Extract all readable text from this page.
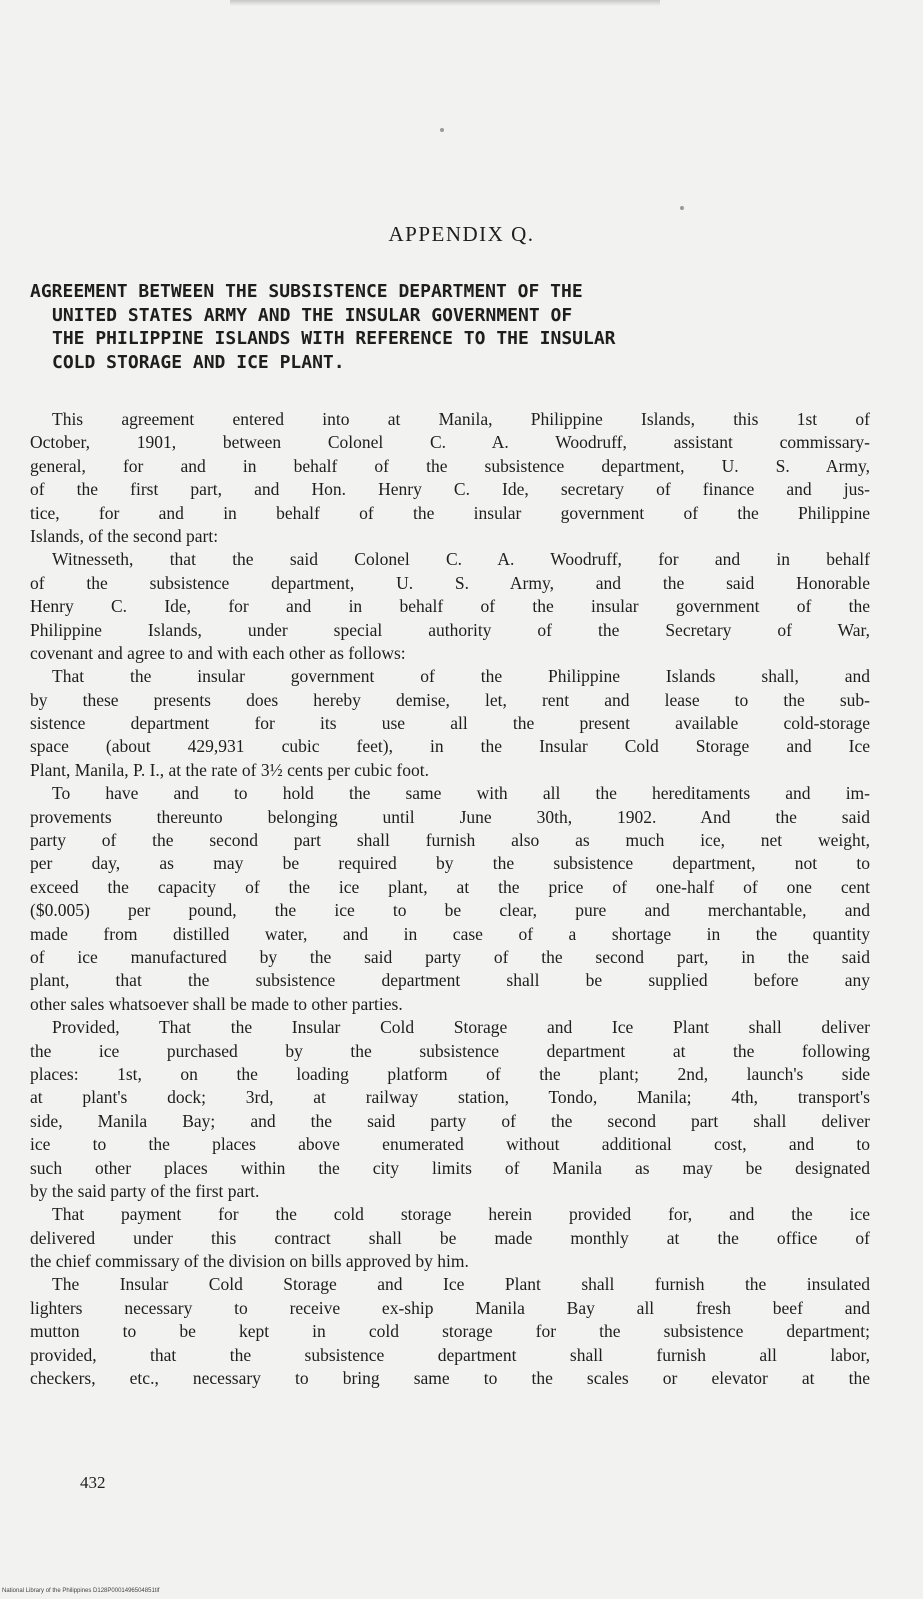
APPENDIX Q.
AGREEMENT BETWEEN THE SUBSISTENCE DEPARTMENT OF THE
UNITED STATES ARMY AND THE INSULAR GOVERNMENT OF
THE PHILIPPINE ISLANDS WITH REFERENCE TO THE INSULAR
COLD STORAGE AND ICE PLANT.
This agreement entered into at Manila, Philippine Islands, this 1st of
October, 1901, between Colonel C. A. Woodruff, assistant commissary-
general, for and in behalf of the subsistence department, U. S. Army,
of the first part, and Hon. Henry C. Ide, secretary of finance and jus-
tice, for and in behalf of the insular government of the Philippine
Islands, of the second part:
Witnesseth, that the said Colonel C. A. Woodruff, for and in behalf
of the subsistence department, U. S. Army, and the said Honorable
Henry C. Ide, for and in behalf of the insular government of the
Philippine Islands, under special authority of the Secretary of War,
covenant and agree to and with each other as follows:
That the insular government of the Philippine Islands shall, and
by these presents does hereby demise, let, rent and lease to the sub-
sistence department for its use all the present available cold-storage
space (about 429,931 cubic feet), in the Insular Cold Storage and Ice
Plant, Manila, P. I., at the rate of 3½ cents per cubic foot.
To have and to hold the same with all the hereditaments and im-
provements thereunto belonging until June 30th, 1902. And the said
party of the second part shall furnish also as much ice, net weight,
per day, as may be required by the subsistence department, not to
exceed the capacity of the ice plant, at the price of one-half of one cent
($0.005) per pound, the ice to be clear, pure and merchantable, and
made from distilled water, and in case of a shortage in the quantity
of ice manufactured by the said party of the second part, in the said
plant, that the subsistence department shall be supplied before any
other sales whatsoever shall be made to other parties.
Provided, That the Insular Cold Storage and Ice Plant shall deliver
the ice purchased by the subsistence department at the following
places: 1st, on the loading platform of the plant; 2nd, launch's side
at plant's dock; 3rd, at railway station, Tondo, Manila; 4th, transport's
side, Manila Bay; and the said party of the second part shall deliver
ice to the places above enumerated without additional cost, and to
such other places within the city limits of Manila as may be designated
by the said party of the first part.
That payment for the cold storage herein provided for, and the ice
delivered under this contract shall be made monthly at the office of
the chief commissary of the division on bills approved by him.
The Insular Cold Storage and Ice Plant shall furnish the insulated
lighters necessary to receive ex-ship Manila Bay all fresh beef and
mutton to be kept in cold storage for the subsistence department;
provided, that the subsistence department shall furnish all labor,
checkers, etc., necessary to bring same to the scales or elevator at the

432

National Library of the Philippines D128P0001496504851tif
